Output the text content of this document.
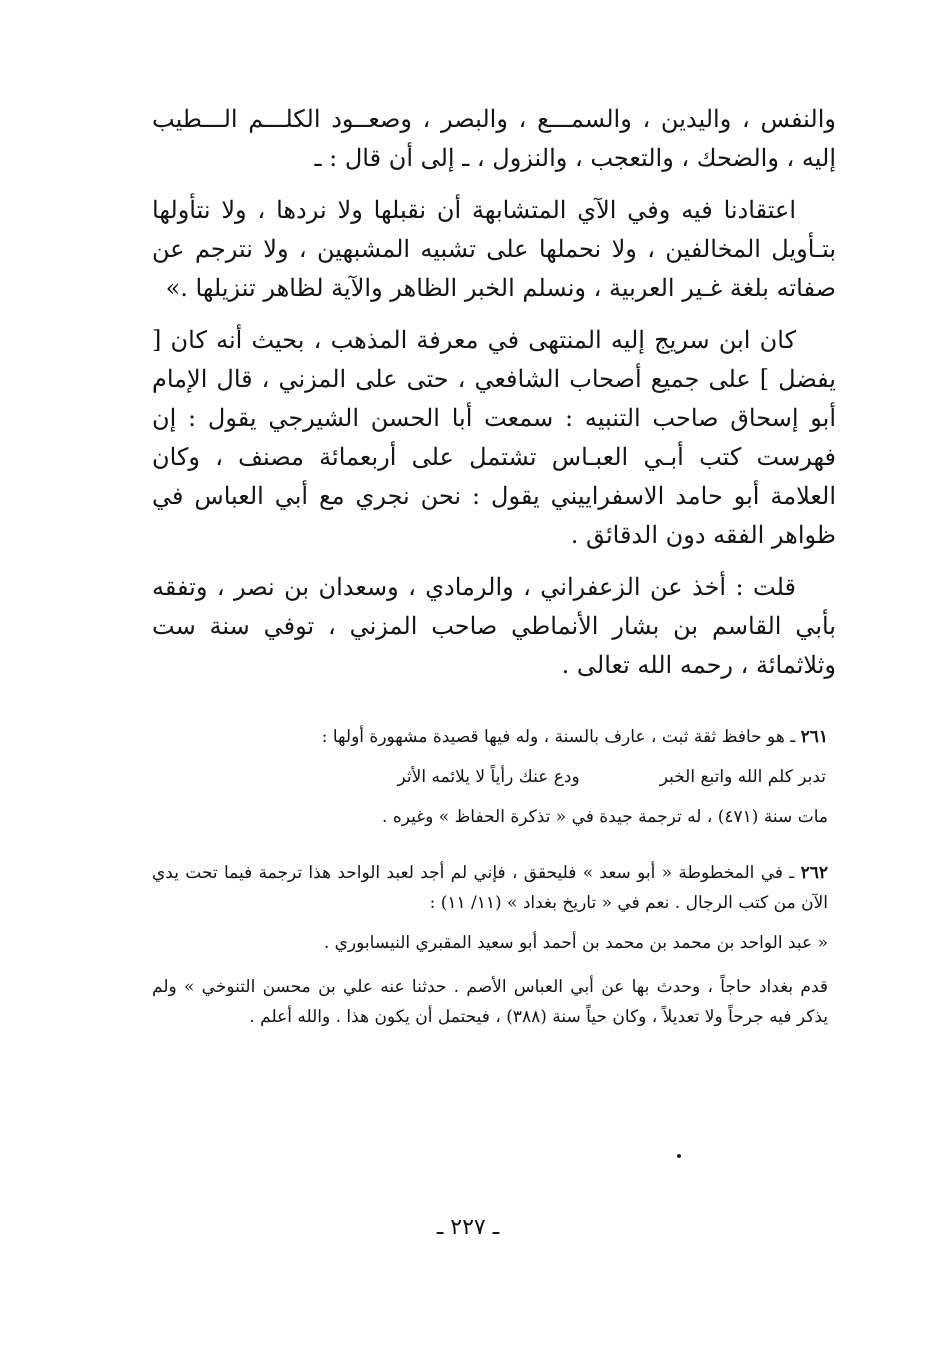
والنفس ، واليدين ، والسمـــع ، والبصر ، وصعــود الكلـــم الـــطيب إليه ، والضحك ، والتعجب ، والنزول ، ـ إلى أن قال : ـ

اعتقادنا فيه وفي الآي المتشابهة أن نقبلها ولا نردها ، ولا نتأولها بتـأويل المخالفين ، ولا نحملها على تشبيه المشبهين ، ولا نترجم عن صفاته بلغة غـير العربية ، ونسلم الخبر الظاهر والآية لظاهر تنزيلها .»

كان ابن سريج إليه المنتهى في معرفة المذهب ، بحيث أنه كان [ يفضل ] على جميع أصحاب الشافعي ، حتى على المزني ، قال الإمام أبو إسحاق صاحب التنبيه : سمعت أبا الحسن الشيرجي يقول : إن فهرست كتب أبـي العبـاس تشتمل على أربعمائة مصنف ، وكان العلامة أبو حامد الاسفراييني يقول : نحن نجري مع أبي العباس في ظواهر الفقه دون الدقائق .

قلت : أخذ عن الزعفراني ، والرمادي ، وسعدان بن نصر ، وتفقه بأبي القاسم بن بشار الأنماطي صاحب المزني ، توفي سنة ست وثلاثمائة ، رحمه الله تعالى .

٢٦١ ـ هو حافظ ثقة ثبت ، عارف بالسنة ، وله فيها قصيدة مشهورة أولها :
تدبر كلم الله واتبع الخبر
ودع عنك رأياً لا يلائمه الأثر
مات سنة (٤٧١) ، له ترجمة جيدة في « تذكرة الحفاظ » وغيره .
٢٦٢ ـ في المخطوطة « أبو سعد » فليحقق ، فإني لم أجد لعبد الواحد هذا ترجمة فيما تحت يدي الآن من كتب الرجال . نعم في « تاريخ بغداد » (١١/ ١١) :
« عبد الواحد بن محمد بن محمد بن أحمد أبو سعيد المقبري النيسابوري .
قدم بغداد حاجاً ، وحدث بها عن أبي العباس الأصم . حدثنا عنه علي بن محسن التنوخي » ولم يذكر فيه جرحاً ولا تعديلاً ، وكان حياً سنة (٣٨٨) ، فيحتمل أن يكون هذا . والله أعلم .
ـ ٢٢٧ ـ
